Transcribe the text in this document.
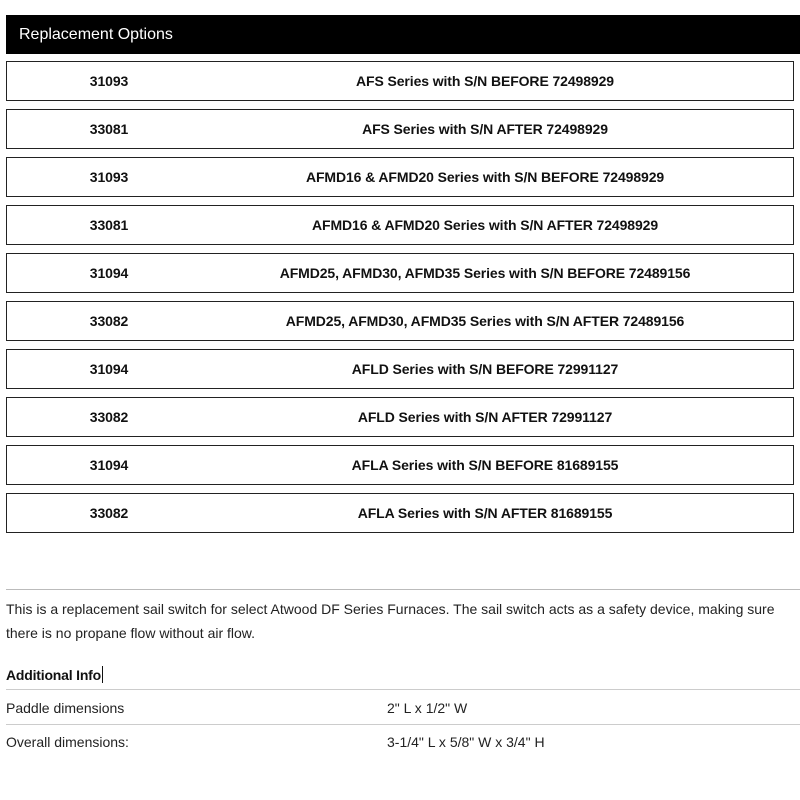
Replacement Options
31093	AFS Series with S/N BEFORE 72498929
33081	AFS Series with S/N AFTER 72498929
31093	AFMD16 & AFMD20 Series with S/N BEFORE 72498929
33081	AFMD16 & AFMD20 Series with S/N AFTER 72498929
31094	AFMD25, AFMD30, AFMD35 Series with S/N BEFORE 72489156
33082	AFMD25, AFMD30, AFMD35 Series with S/N AFTER 72489156
31094	AFLD Series with S/N BEFORE 72991127
33082	AFLD Series with S/N AFTER 72991127
31094	AFLA Series with S/N BEFORE 81689155
33082	AFLA Series with S/N AFTER 81689155

This is a replacement sail switch for select Atwood DF Series Furnaces. The sail switch acts as a safety device, making sure there is no propane flow without air flow.

Additional Info
Paddle dimensions	2" L x 1/2" W
Overall dimensions:	3-1/4" L x 5/8" W x 3/4" H
